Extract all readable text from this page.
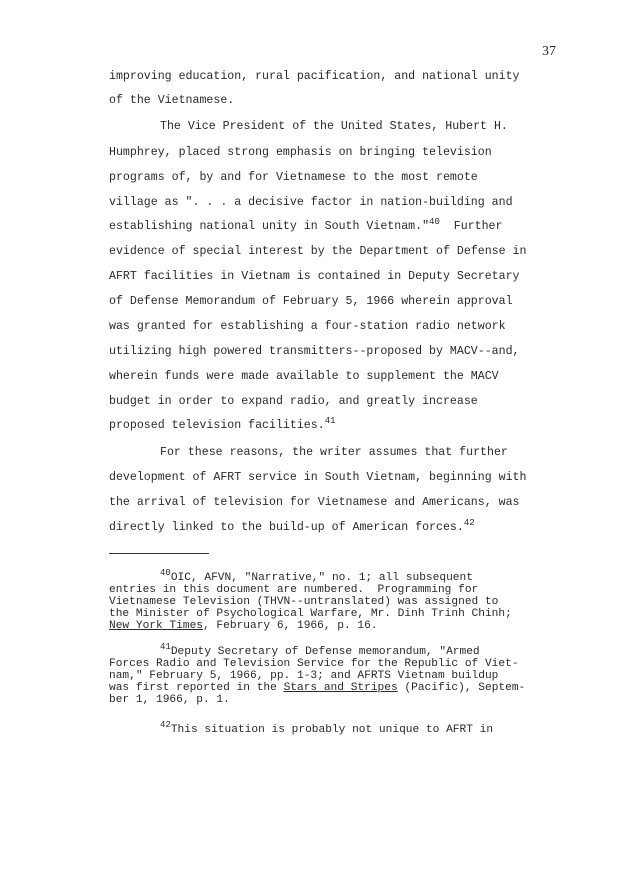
37
improving education, rural pacification, and national unity
of the Vietnamese.
The Vice President of the United States, Hubert H.
Humphrey, placed strong emphasis on bringing television
programs of, by and for Vietnamese to the most remote
village as ". . . a decisive factor in nation-building and
establishing national unity in South Vietnam."$^{40}$  Further
evidence of special interest by the Department of Defense in
AFRT facilities in Vietnam is contained in Deputy Secretary
of Defense Memorandum of February 5, 1966 wherein approval
was granted for establishing a four-station radio network
utilizing high powered transmitters--proposed by MACV--and,
wherein funds were made available to supplement the MACV
budget in order to expand radio, and greatly increase
proposed television facilities.$^{41}$
For these reasons, the writer assumes that further
development of AFRT service in South Vietnam, beginning with
the arrival of television for Vietnamese and Americans, was
directly linked to the build-up of American forces.$^{42}$
$^{40}$OIC, AFVN, "Narrative," no. 1; all subsequent
entries in this document are numbered.  Programming for
Vietnamese Television (THVN--untranslated) was assigned to
the Minister of Psychological Warfare, Mr. Dinh Trinh Chinh;
New York Times, February 6, 1966, p. 16.
$^{41}$Deputy Secretary of Defense memorandum, "Armed
Forces Radio and Television Service for the Republic of Viet-
nam," February 5, 1966, pp. 1-3; and AFRTS Vietnam buildup
was first reported in the Stars and Stripes (Pacific), Septem-
ber 1, 1966, p. 1.
$^{42}$This situation is probably not unique to AFRT in
